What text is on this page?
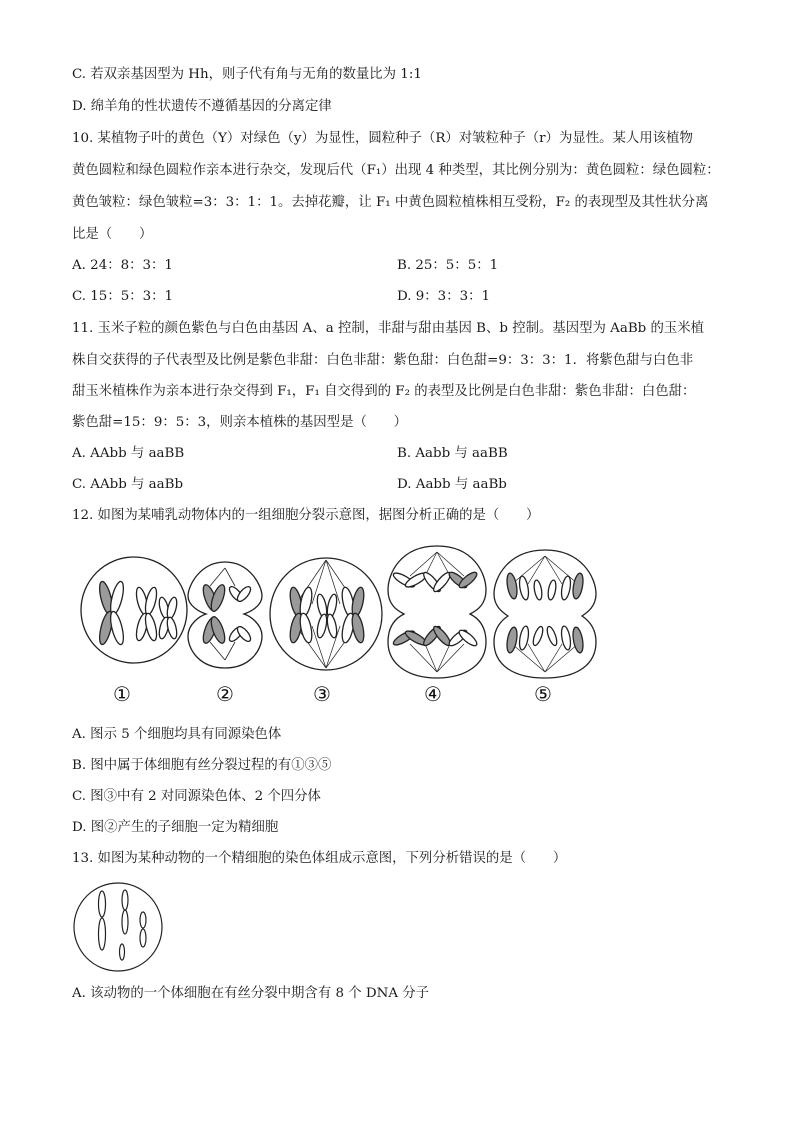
C. 若双亲基因型为 Hh，则子代有角与无角的数量比为 1:1
D. 绵羊角的性状遗传不遵循基因的分离定律
10. 某植物子叶的黄色（Y）对绿色（y）为显性，圆粒种子（R）对皱粒种子（r）为显性。某人用该植物
黄色圆粒和绿色圆粒作亲本进行杂交，发现后代（F₁）出现 4 种类型，其比例分别为：黄色圆粒：绿色圆粒：
黄色皱粒：绿色皱粒=3：3：1：1。去掉花瓣，让 F₁ 中黄色圆粒植株相互受粉，F₂ 的表现型及其性状分离
比是（　　）
A. 24：8：3：1	B. 25：5：5：1
C. 15：5：3：1	D. 9：3：3：1
11. 玉米子粒的颜色紫色与白色由基因 A、a 控制，非甜与甜由基因 B、b 控制。基因型为 AaBb 的玉米植
株自交获得的子代表型及比例是紫色非甜：白色非甜：紫色甜：白色甜=9：3：3：1．将紫色甜与白色非
甜玉米植株作为亲本进行杂交得到 F₁，F₁ 自交得到的 F₂ 的表型及比例是白色非甜：紫色非甜：白色甜：
紫色甜=15：9：5：3，则亲本植株的基因型是（　　）
A. AAbb 与 aaBB	B. Aabb 与 aaBB
C. AAbb 与 aaBb	D. Aabb 与 aaBb
12. 如图为某哺乳动物体内的一组细胞分裂示意图，据图分析正确的是（　　）
①	②	③	④	⑤
A. 图示 5 个细胞均具有同源染色体
B. 图中属于体细胞有丝分裂过程的有①③⑤
C. 图③中有 2 对同源染色体、2 个四分体
D. 图②产生的子细胞一定为精细胞
13. 如图为某种动物的一个精细胞的染色体组成示意图，下列分析错误的是（　　）
A. 该动物的一个体细胞在有丝分裂中期含有 8 个 DNA 分子
